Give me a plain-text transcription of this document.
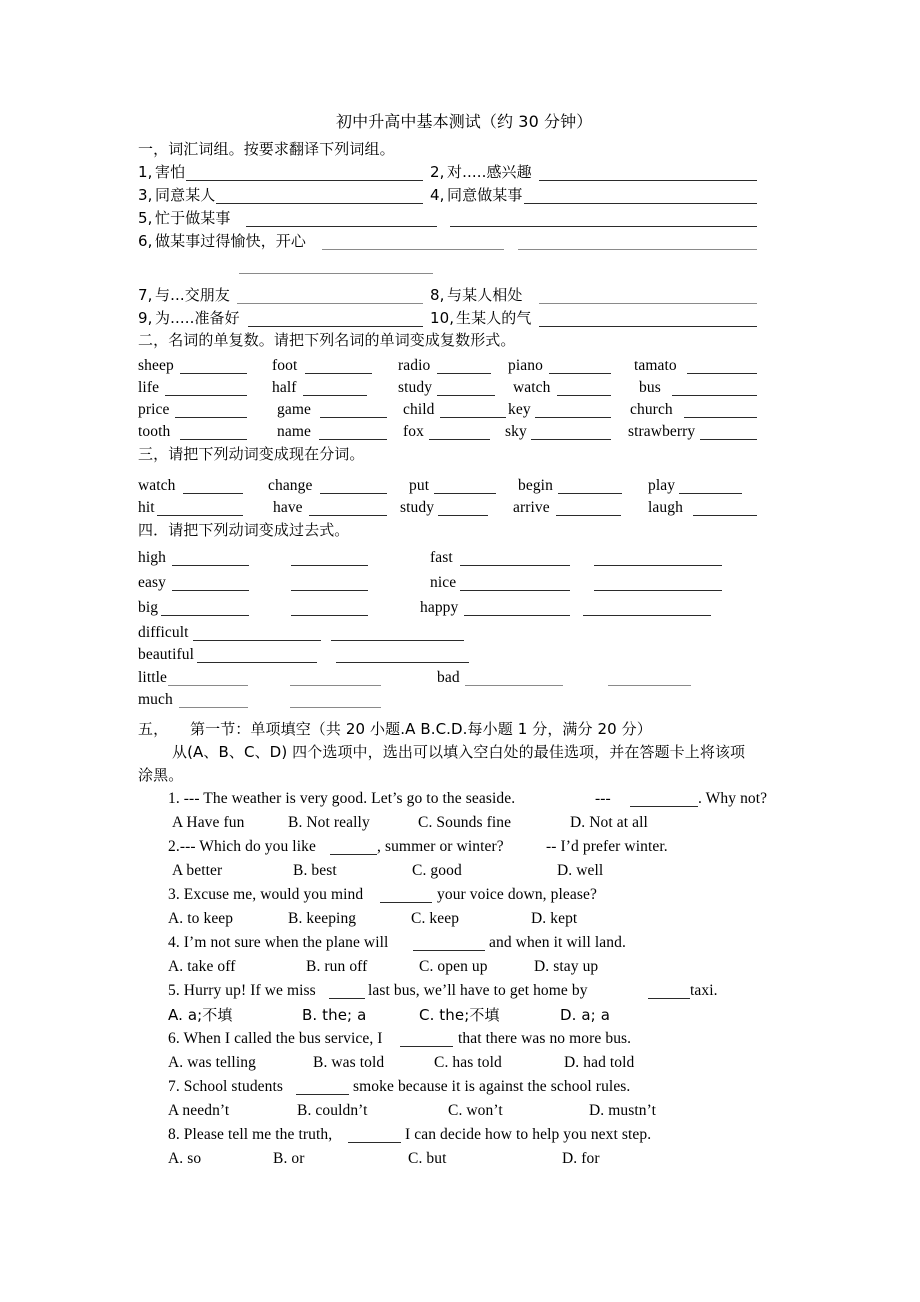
初中升高中基本测试（约 30 分钟）
一，词汇词组。按要求翻译下列词组。
1, 害怕	2, 对.....感兴趣
3, 同意某人	4, 同意做某事
5, 忙于做某事
6, 做某事过得愉快，开心
7, 与...交朋友	8, 与某人相处
9, 为.....准备好	10, 生某人的气
二，名词的单复数。请把下列名词的单词变成复数形式。
sheep	foot	radio	piano	tamato
life	half	study	watch	bus
price	game	child	key	church
tooth	name	fox	sky	strawberry
三，请把下列动词变成现在分词。
watch	change	put	begin	play
hit	have	study	arrive	laugh
四．请把下列动词变成过去式。
high	fast
easy	nice
big	happy
difficult
beautiful
little	bad
much
五， 第一节：单项填空（共 20 小题.A B.C.D.每小题 1 分，满分 20 分）
从(A、B、C、D) 四个选项中，选出可以填入空白处的最佳选项，并在答题卡上将该项
涂黑。
1. --- The weather is very good. Let’s go to the seaside.	---	. Why not?
A Have fun	B. Not really	C. Sounds fine	D. Not at all
2.--- Which do you like	, summer or winter?	-- I’d prefer winter.
A better	B. best	C. good	D. well
3. Excuse me, would you mind	your voice down, please?
A. to keep	B. keeping	C. keep	D. kept
4. I’m not sure when the plane will	and when it will land.
A. take off	B. run off	C. open up	D. stay up
5. Hurry up! If we miss	last bus, we’ll have to get home by	taxi.
A. a;不填	B. the; a	C. the;不填	D. a; a
6. When I called the bus service, I	that there was no more bus.
A. was telling	B. was told	C. has told	D. had told
7. School students	smoke because it is against the school rules.
A needn’t	B. couldn’t	C. won’t	D. mustn’t
8. Please tell me the truth,	I can decide how to help you next step.
A. so	B. or	C. but	D. for
